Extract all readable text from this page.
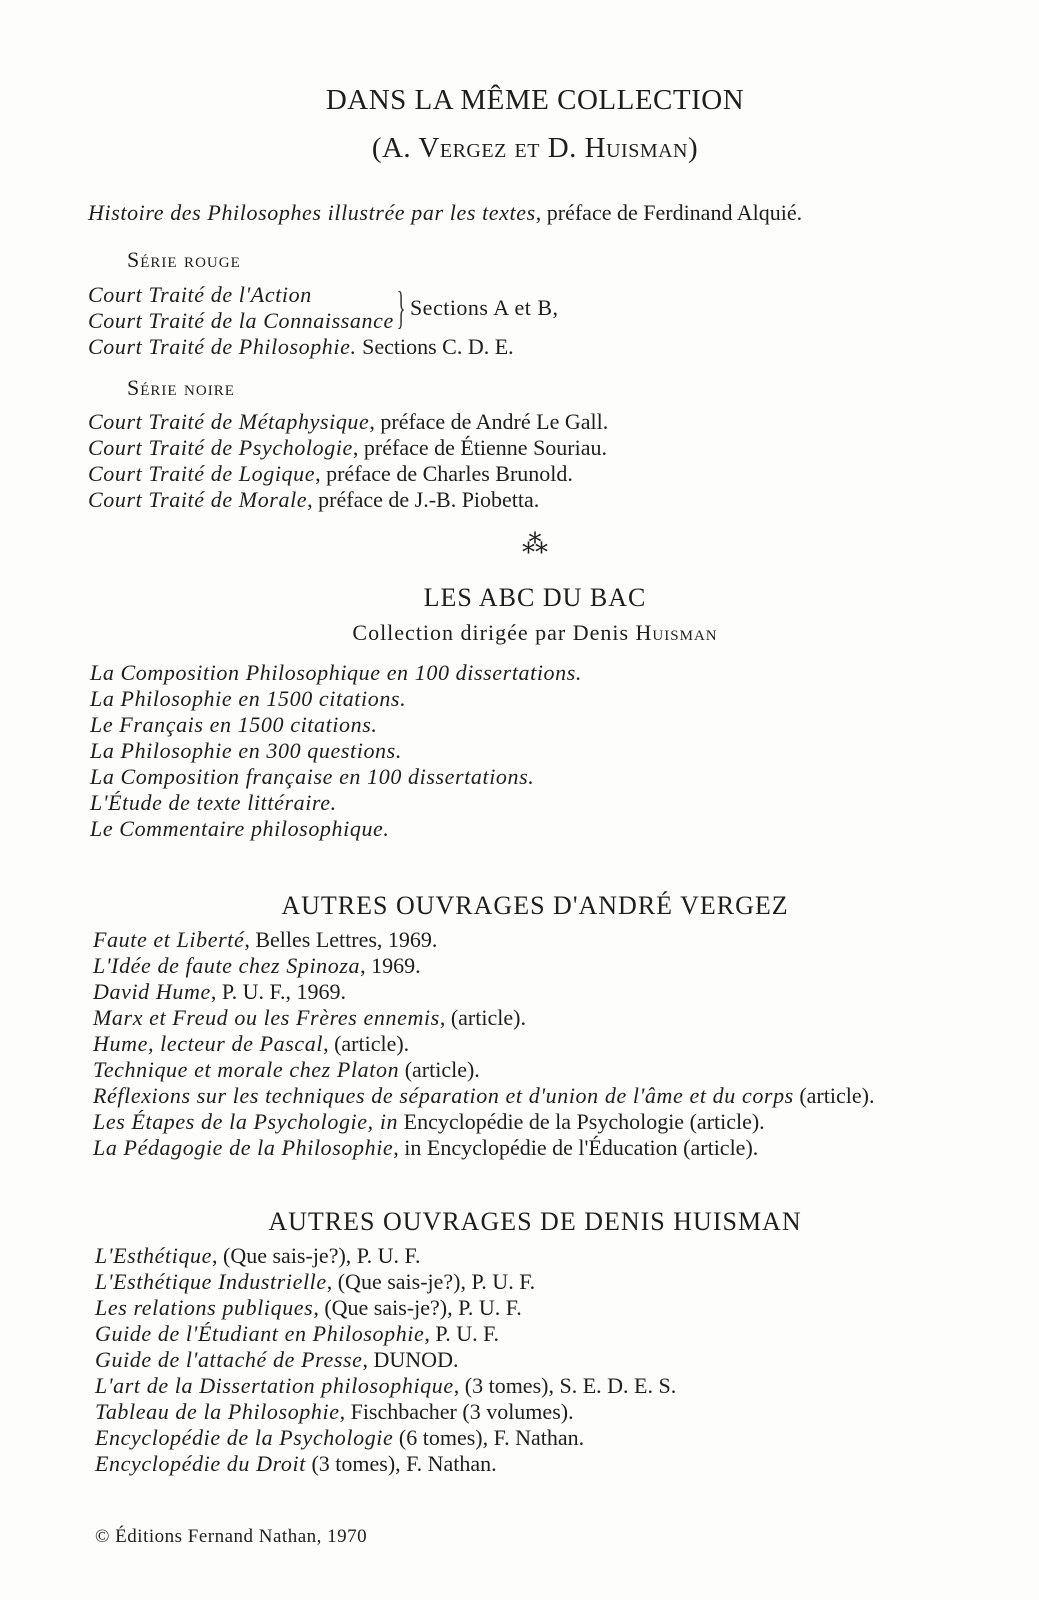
DANS LA MÊME COLLECTION
(A. Vergez et D. Huisman)
Histoire des Philosophes illustrée par les textes, préface de Ferdinand Alquié.
Série rouge
Court Traité de l'Action
Court Traité de la Connaissance } Sections A et B,
Court Traité de Philosophie. Sections C. D. E.
Série noire
Court Traité de Métaphysique, préface de André Le Gall.
Court Traité de Psychologie, préface de Étienne Souriau.
Court Traité de Logique, préface de Charles Brunold.
Court Traité de Morale, préface de J.-B. Piobetta.
⁂
LES ABC DU BAC
Collection dirigée par Denis Huisman
La Composition Philosophique en 100 dissertations.
La Philosophie en 1500 citations.
Le Français en 1500 citations.
La Philosophie en 300 questions.
La Composition française en 100 dissertations.
L'Étude de texte littéraire.
Le Commentaire philosophique.
AUTRES OUVRAGES D'ANDRÉ VERGEZ
Faute et Liberté, Belles Lettres, 1969.
L'Idée de faute chez Spinoza, 1969.
David Hume, P. U. F., 1969.
Marx et Freud ou les Frères ennemis, (article).
Hume, lecteur de Pascal, (article).
Technique et morale chez Platon (article).
Réflexions sur les techniques de séparation et d'union de l'âme et du corps (article).
Les Étapes de la Psychologie, in Encyclopédie de la Psychologie (article).
La Pédagogie de la Philosophie, in Encyclopédie de l'Éducation (article).
AUTRES OUVRAGES DE DENIS HUISMAN
L'Esthétique, (Que sais-je?), P. U. F.
L'Esthétique Industrielle, (Que sais-je?), P. U. F.
Les relations publiques, (Que sais-je?), P. U. F.
Guide de l'Étudiant en Philosophie, P. U. F.
Guide de l'attaché de Presse, DUNOD.
L'art de la Dissertation philosophique, (3 tomes), S. E. D. E. S.
Tableau de la Philosophie, Fischbacher (3 volumes).
Encyclopédie de la Psychologie (6 tomes), F. Nathan.
Encyclopédie du Droit (3 tomes), F. Nathan.
© Éditions Fernand Nathan, 1970
